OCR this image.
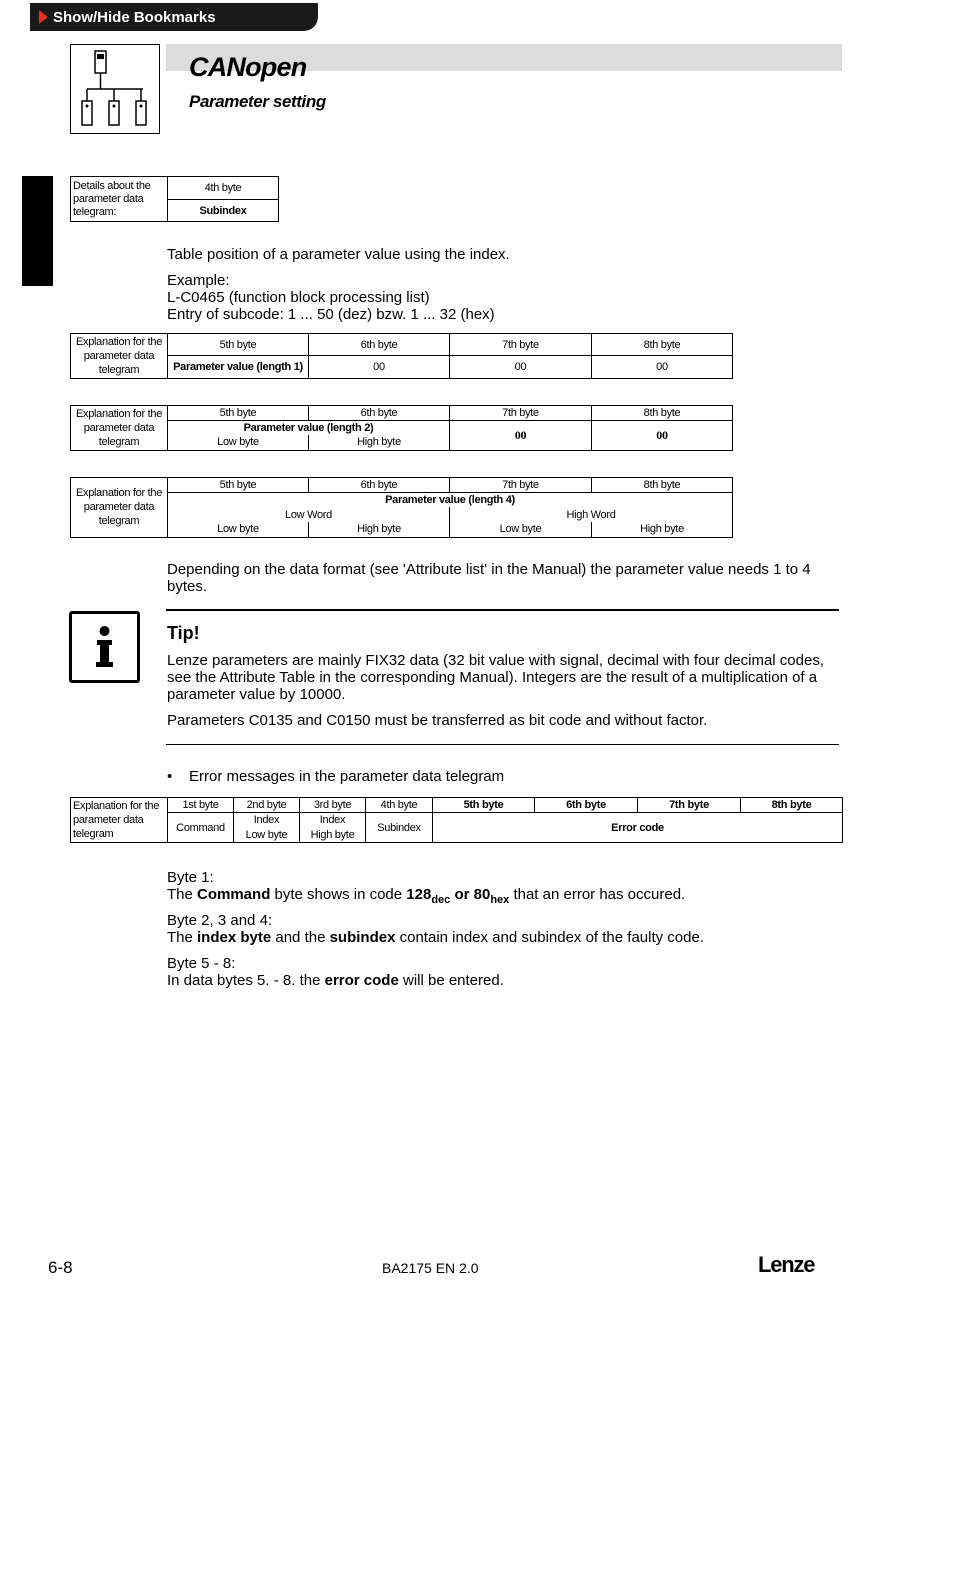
Show/Hide Bookmarks
CANopen
Parameter setting
Details about the parameter data telegram:	4th byte
Subindex
Table position of a parameter value using the index.
Example:
L-C0465 (function block processing list)
Entry of subcode: 1 ... 50 (dez) bzw. 1 ... 32 (hex)
Explanation for the parameter data telegram	5th byte	6th byte	7th byte	8th byte
	Parameter value (length 1)	00	00	00
Explanation for the parameter data telegram	5th byte	6th byte	7th byte	8th byte
	Parameter value (length 2)		00	00
	Low byte	High byte		
Explanation for the parameter data telegram	5th byte	6th byte	7th byte	8th byte
	Parameter value (length 4)			
	Low Word		High Word	
	Low byte	High byte	Low byte	High byte
Depending on the data format (see 'Attribute list' in the Manual) the parameter value needs 1 to 4 bytes.
Tip!
Lenze parameters are mainly FIX32 data (32 bit value with signal, decimal with four decimal codes, see the Attribute Table in the corresponding Manual). Integers are the result of a multiplication of a parameter value by 10000.
Parameters C0135 and C0150 must be transferred as bit code and without factor.
• Error messages in the parameter data telegram
Explanation for the parameter data telegram	1st byte	2nd byte	3rd byte	4th byte	5th byte	6th byte	7th byte	8th byte
	Command	Index	Index	Subindex	Error code			
		Low byte	High byte					
Byte 1:
The Command byte shows in code $128_{dec}$ or $80_{hex}$ that an error has occured.
Byte 2, 3 and 4:
The index byte and the subindex contain index and subindex of the faulty code.
Byte 5 - 8:
In data bytes 5. - 8. the error code will be entered.
6-8	BA2175 EN 2.0	Lenze
